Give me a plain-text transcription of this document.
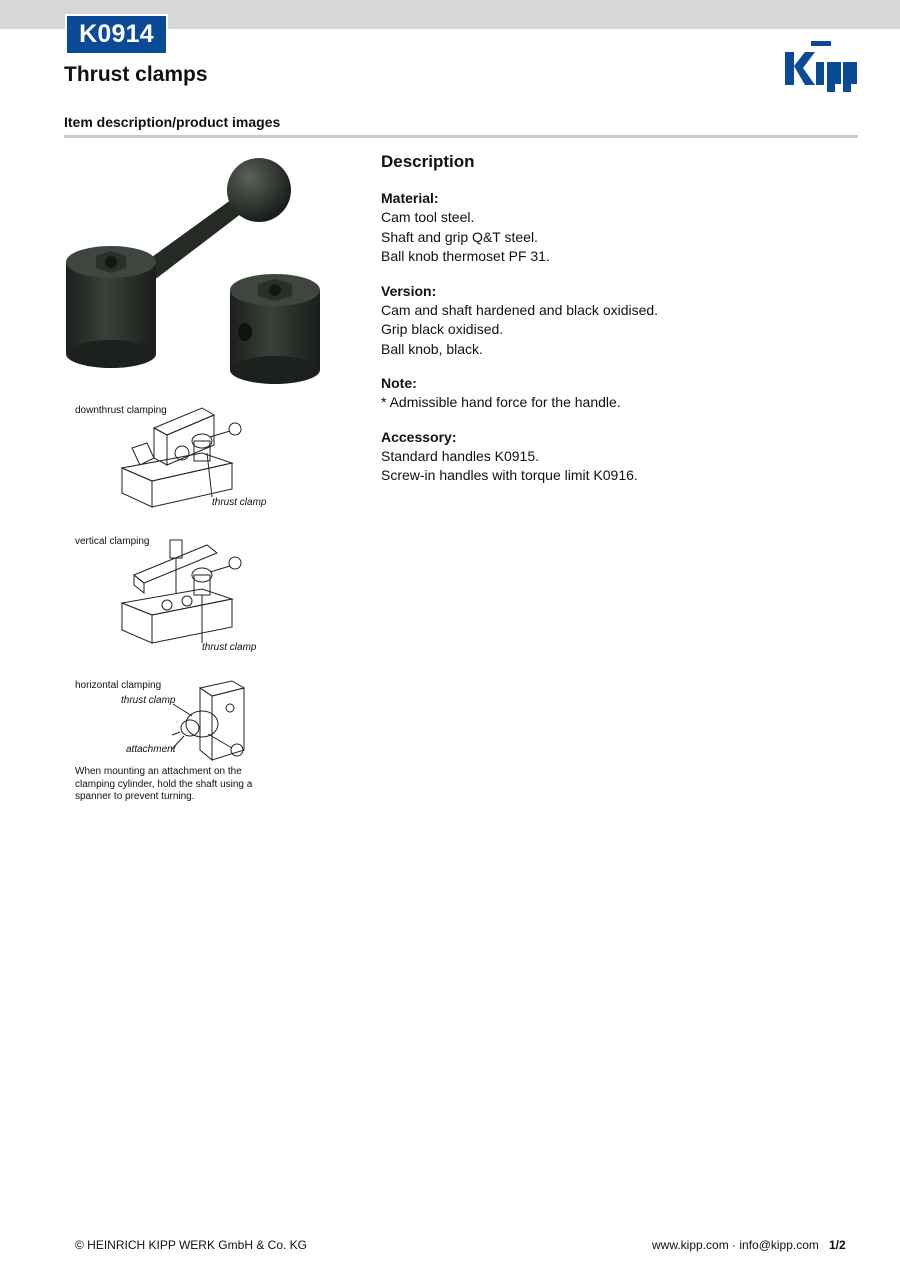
K0914
Thrust clamps
Item description/product images
downthrust clamping
thrust clamp
vertical clamping
thrust clamp
horizontal clamping
thrust clamp
attachment
When mounting an attachment on the clamping cylinder, hold the shaft using a spanner to prevent turning.
Description
Material:
Cam tool steel.
Shaft and grip Q&T steel.
Ball knob thermoset PF 31.
Version:
Cam and shaft hardened and black oxidised.
Grip black oxidised.
Ball knob, black.
Note:
* Admissible hand force for the handle.
Accessory:
Standard handles K0915.
Screw-in handles with torque limit K0916.
© HEINRICH KIPP WERK GmbH & Co. KG	www.kipp.com · info@kipp.com 1/2
